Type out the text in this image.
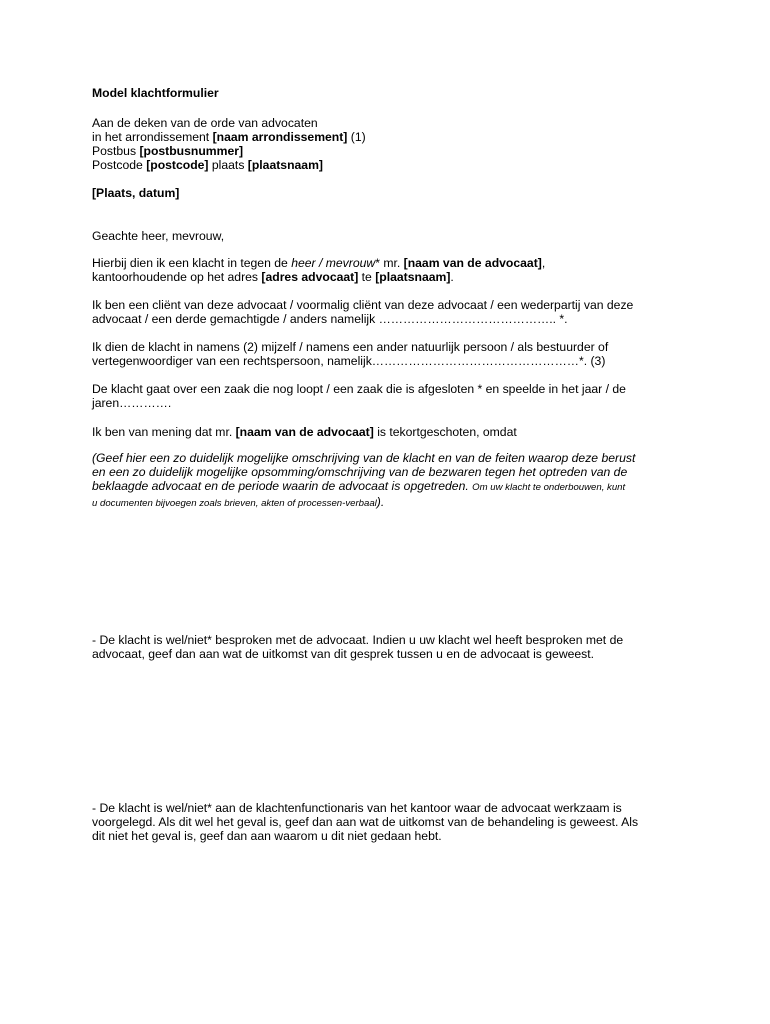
Model klachtformulier
Aan de deken van de orde van advocaten
in het arrondissement [naam arrondissement] (1)
Postbus [postbusnummer]
Postcode [postcode] plaats [plaatsnaam]
[Plaats, datum]
Geachte heer, mevrouw,
Hierbij dien ik een klacht in tegen de heer / mevrouw* mr. [naam van de advocaat],
kantoorhoudende op het adres [adres advocaat] te [plaatsnaam].
Ik ben een cliënt van deze advocaat / voormalig cliënt van deze advocaat / een wederpartij van deze
advocaat / een derde gemachtigde / anders namelijk …………………………………….. *.
Ik dien de klacht in namens (2) mijzelf / namens een ander natuurlijk persoon / als bestuurder of
vertegenwoordiger van een rechtspersoon, namelijk……………………………………………*. (3)
De klacht gaat over een zaak die nog loopt / een zaak die is afgesloten * en speelde in het jaar / de
jaren………….
Ik ben van mening dat mr. [naam van de advocaat] is tekortgeschoten, omdat
(Geef hier een zo duidelijk mogelijke omschrijving van de klacht en van de feiten waarop deze berust
en een zo duidelijk mogelijke opsomming/omschrijving van de bezwaren tegen het optreden van de
beklaagde advocaat en de periode waarin de advocaat is opgetreden. Om uw klacht te onderbouwen, kunt
u documenten bijvoegen zoals brieven, akten of processen-verbaal).
- De klacht is wel/niet* besproken met de advocaat. Indien u uw klacht wel heeft besproken met de
advocaat, geef dan aan wat de uitkomst van dit gesprek tussen u en de advocaat is geweest.
- De klacht is wel/niet* aan de klachtenfunctionaris van het kantoor waar de advocaat werkzaam is
voorgelegd. Als dit wel het geval is, geef dan aan wat de uitkomst van de behandeling is geweest. Als
dit niet het geval is, geef dan aan waarom u dit niet gedaan hebt.
